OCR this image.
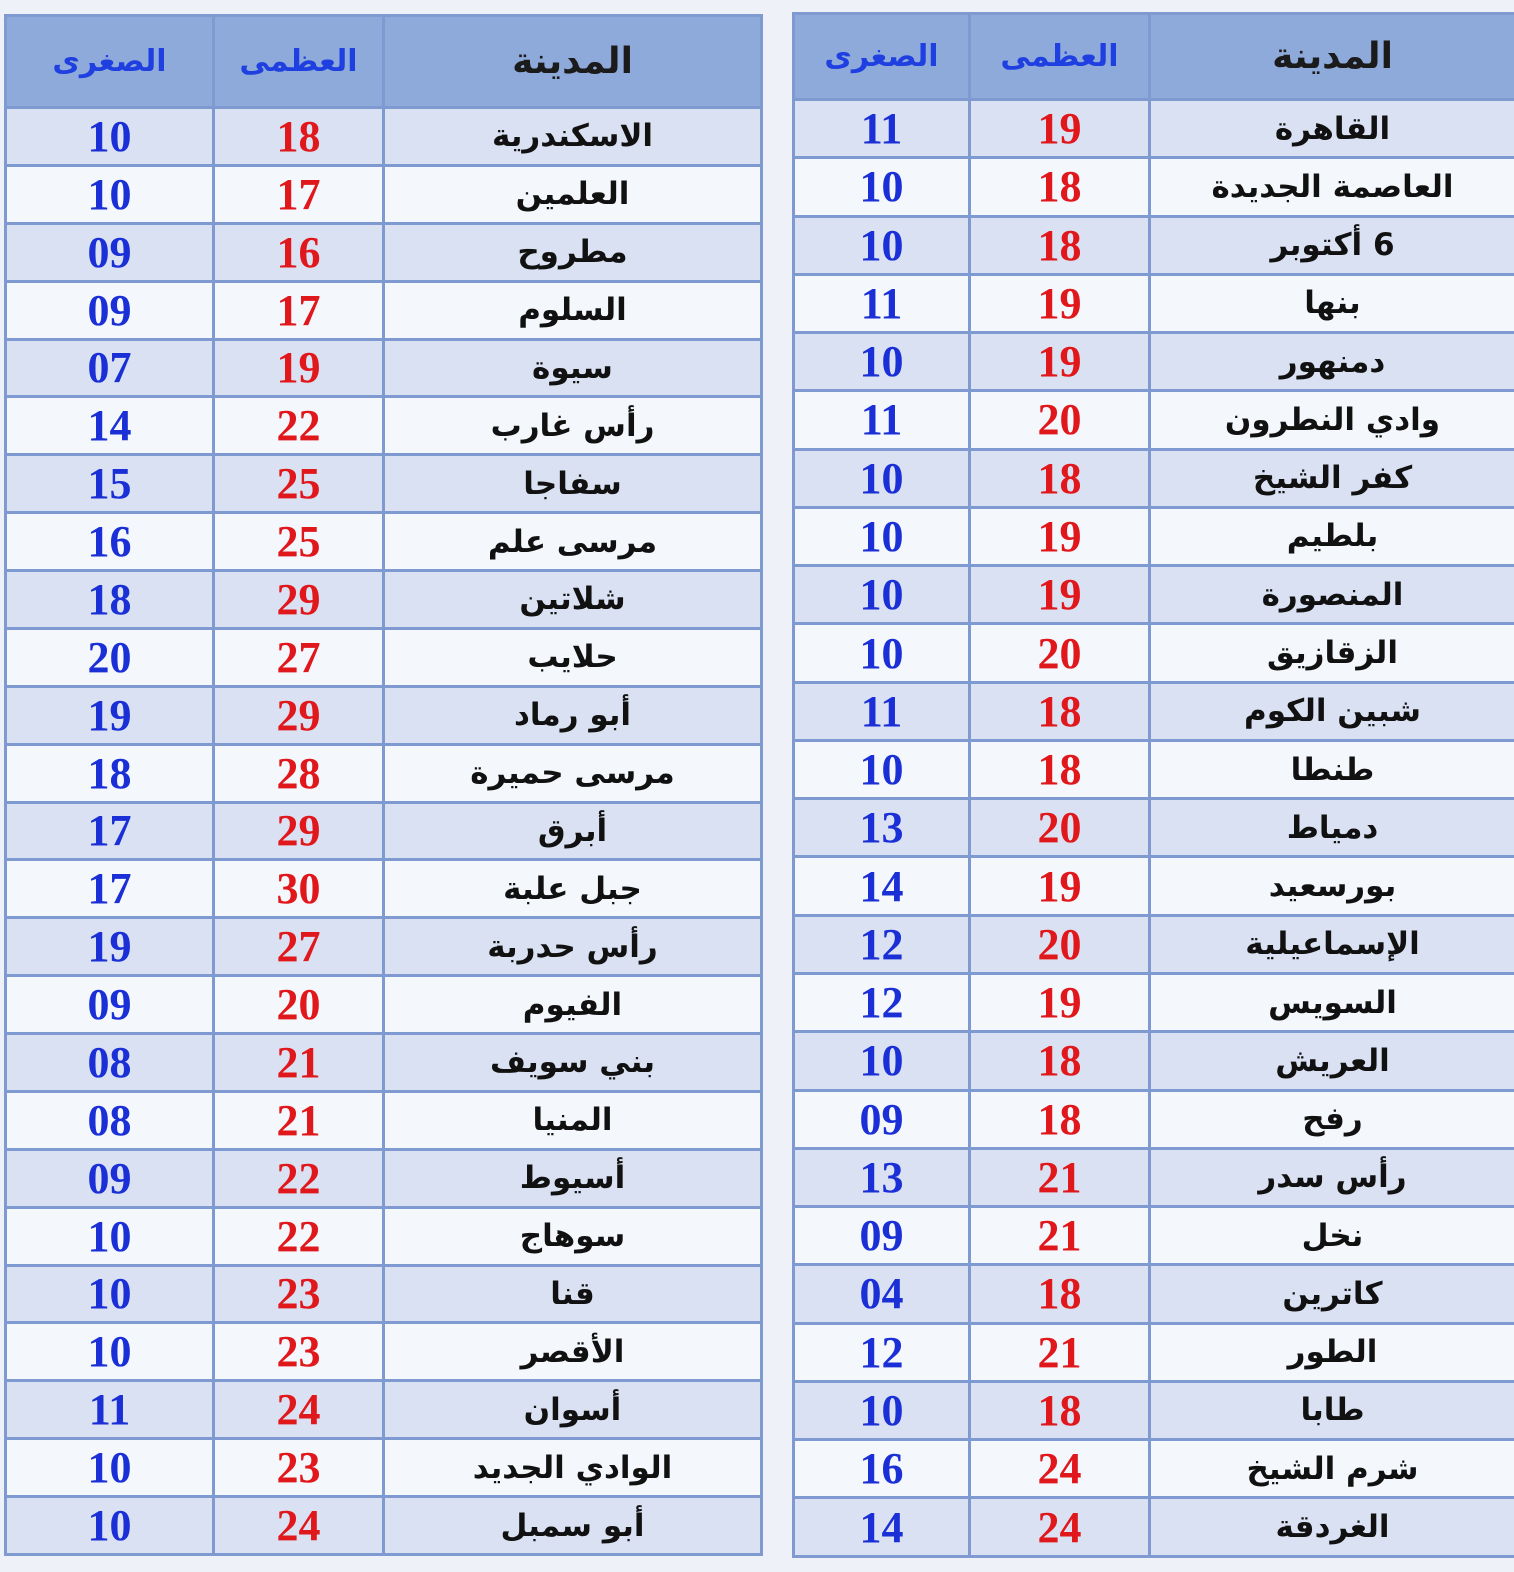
المدينة	العظمى	الصغرى
القاهرة	19	11
العاصمة الجديدة	18	10
6 أكتوبر	18	10
بنها	19	11
دمنهور	19	10
وادي النطرون	20	11
كفر الشيخ	18	10
بلطيم	19	10
المنصورة	19	10
الزقازيق	20	10
شبين الكوم	18	11
طنطا	18	10
دمياط	20	13
بورسعيد	19	14
الإسماعيلية	20	12
السويس	19	12
العريش	18	10
رفح	18	09
رأس سدر	21	13
نخل	21	09
كاترين	18	04
الطور	21	12
طابا	18	10
شرم الشيخ	24	16
الغردقة	24	14
المدينة	العظمى	الصغرى
الاسكندرية	18	10
العلمين	17	10
مطروح	16	09
السلوم	17	09
سيوة	19	07
رأس غارب	22	14
سفاجا	25	15
مرسى علم	25	16
شلاتين	29	18
حلايب	27	20
أبو رماد	29	19
مرسى حميرة	28	18
أبرق	29	17
جبل علبة	30	17
رأس حدربة	27	19
الفيوم	20	09
بني سويف	21	08
المنيا	21	08
أسيوط	22	09
سوهاج	22	10
قنا	23	10
الأقصر	23	10
أسوان	24	11
الوادي الجديد	23	10
أبو سمبل	24	10
